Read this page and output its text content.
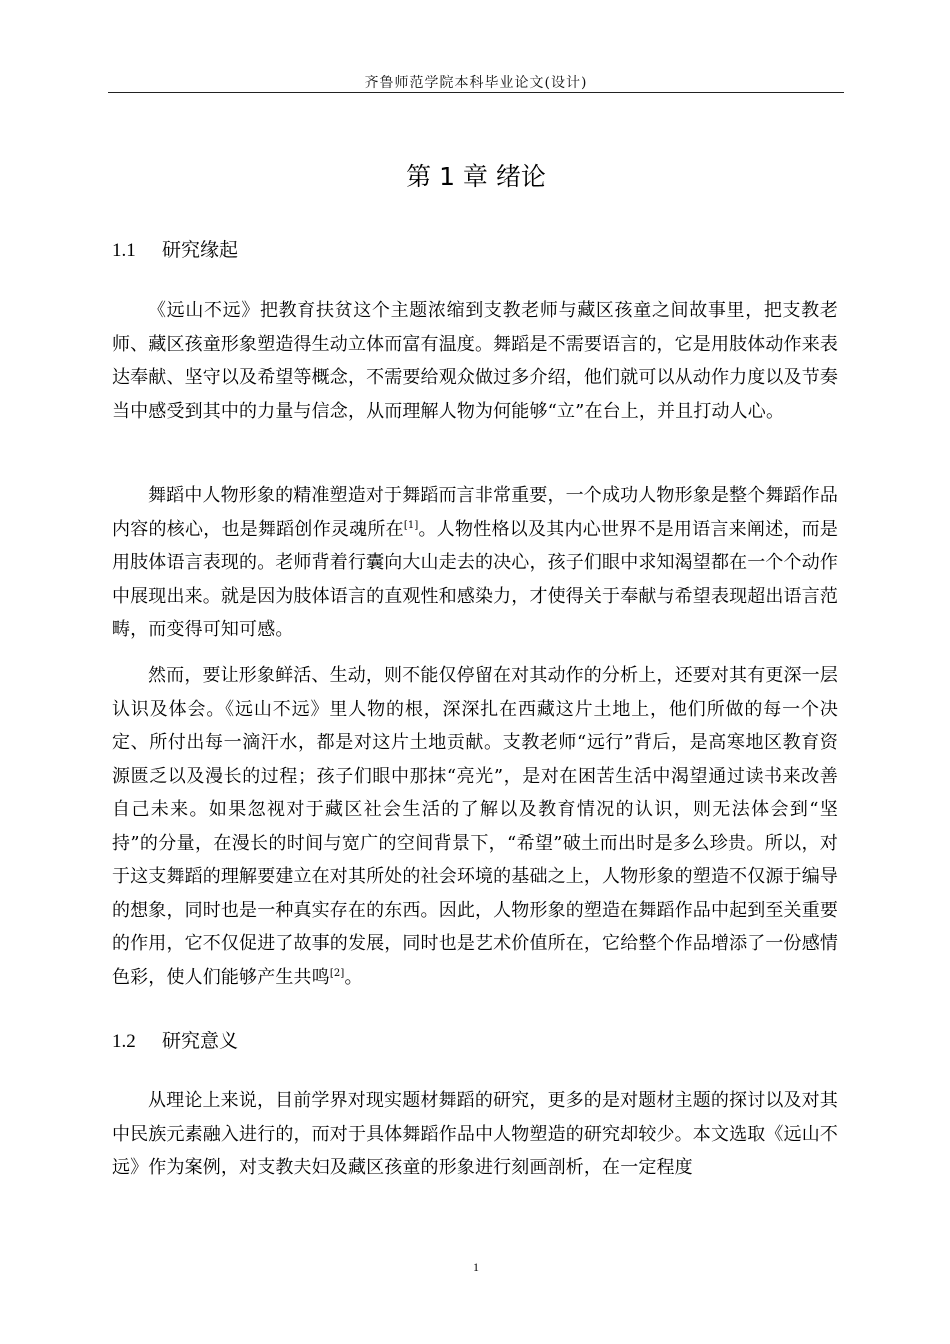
齐鲁师范学院本科毕业论文(设计)
第 1 章 绪论
1.1 研究缘起

《远山不远》把教育扶贫这个主题浓缩到支教老师与藏区孩童之间故事里，把支教老师、藏区孩童形象塑造得生动立体而富有温度。舞蹈是不需要语言的，它是用肢体动作来表达奉献、坚守以及希望等概念，不需要给观众做过多介绍，他们就可以从动作力度以及节奏当中感受到其中的力量与信念，从而理解人物为何能够“立”在台上，并且打动人心。

舞蹈中人物形象的精准塑造对于舞蹈而言非常重要，一个成功人物形象是整个舞蹈作品内容的核心，也是舞蹈创作灵魂所在[1]。人物性格以及其内心世界不是用语言来阐述，而是用肢体语言表现的。老师背着行囊向大山走去的决心，孩子们眼中求知渴望都在一个个动作中展现出来。就是因为肢体语言的直观性和感染力，才使得关于奉献与希望表现超出语言范畴，而变得可知可感。

然而，要让形象鲜活、生动，则不能仅停留在对其动作的分析上，还要对其有更深一层认识及体会。《远山不远》里人物的根，深深扎在西藏这片土地上，他们所做的每一个决定、所付出每一滴汗水，都是对这片土地贡献。支教老师“远行”背后，是高寒地区教育资源匮乏以及漫长的过程；孩子们眼中那抹“亮光”，是对在困苦生活中渴望通过读书来改善自己未来。如果忽视对于藏区社会生活的了解以及教育情况的认识，则无法体会到“坚持”的分量，在漫长的时间与宽广的空间背景下，“希望”破土而出时是多么珍贵。所以，对于这支舞蹈的理解要建立在对其所处的社会环境的基础之上，人物形象的塑造不仅源于编导的想象，同时也是一种真实存在的东西。因此，人物形象的塑造在舞蹈作品中起到至关重要的作用，它不仅促进了故事的发展，同时也是艺术价值所在，它给整个作品增添了一份感情色彩，使人们能够产生共鸣[2]。

1.2 研究意义

从理论上来说，目前学界对现实题材舞蹈的研究，更多的是对题材主题的探讨以及对其中民族元素融入进行的，而对于具体舞蹈作品中人物塑造的研究却较少。本文选取《远山不远》作为案例，对支教夫妇及藏区孩童的形象进行刻画剖析，在一定程度

1
